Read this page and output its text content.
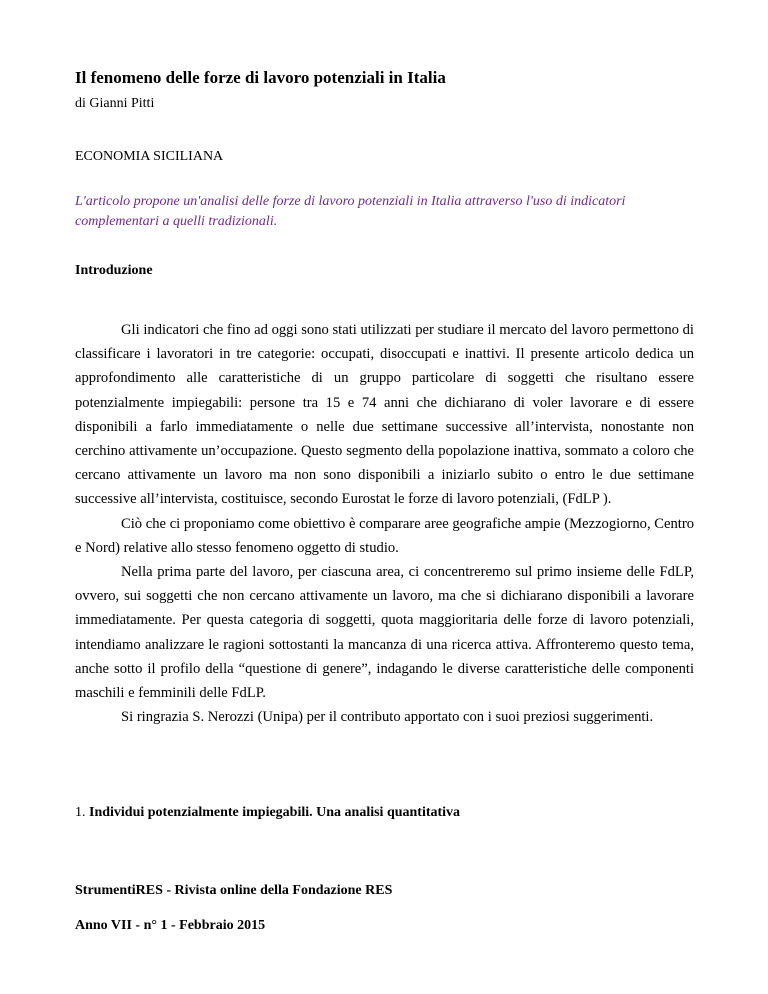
Il fenomeno delle forze di lavoro potenziali in Italia
di Gianni Pitti
ECONOMIA SICILIANA
L'articolo propone un'analisi delle forze di lavoro potenziali in Italia attraverso l'uso di indicatori complementari a quelli tradizionali.
Introduzione

Gli indicatori che fino ad oggi sono stati utilizzati per studiare il mercato del lavoro permettono di classificare i lavoratori in tre categorie: occupati, disoccupati e inattivi. Il presente articolo dedica un approfondimento alle caratteristiche di un gruppo particolare di soggetti che risultano essere potenzialmente impiegabili: persone tra 15 e 74 anni che dichiarano di voler lavorare e di essere disponibili a farlo immediatamente o nelle due settimane successive all’intervista, nonostante non cerchino attivamente un’occupazione. Questo segmento della popolazione inattiva, sommato a coloro che cercano attivamente un lavoro ma non sono disponibili a iniziarlo subito o entro le due settimane successive all’intervista, costituisce, secondo Eurostat le forze di lavoro potenziali, (FdLP ).

Ciò che ci proponiamo come obiettivo è comparare aree geografiche ampie (Mezzogiorno, Centro e Nord) relative allo stesso fenomeno oggetto di studio.

Nella prima parte del lavoro, per ciascuna area, ci concentreremo sul primo insieme delle FdLP, ovvero, sui soggetti che non cercano attivamente un lavoro, ma che si dichiarano disponibili a lavorare immediatamente. Per questa categoria di soggetti, quota maggioritaria delle forze di lavoro potenziali, intendiamo analizzare le ragioni sottostanti la mancanza di una ricerca attiva. Affronteremo questo tema, anche sotto il profilo della “questione di genere”, indagando le diverse caratteristiche delle componenti maschili e femminili delle FdLP.

Si ringrazia S. Nerozzi (Unipa) per il contributo apportato con i suoi preziosi suggerimenti.

1. Individui potenzialmente impiegabili. Una analisi quantitativa
StrumentiRES - Rivista online della Fondazione RES
Anno VII - n° 1 - Febbraio 2015
